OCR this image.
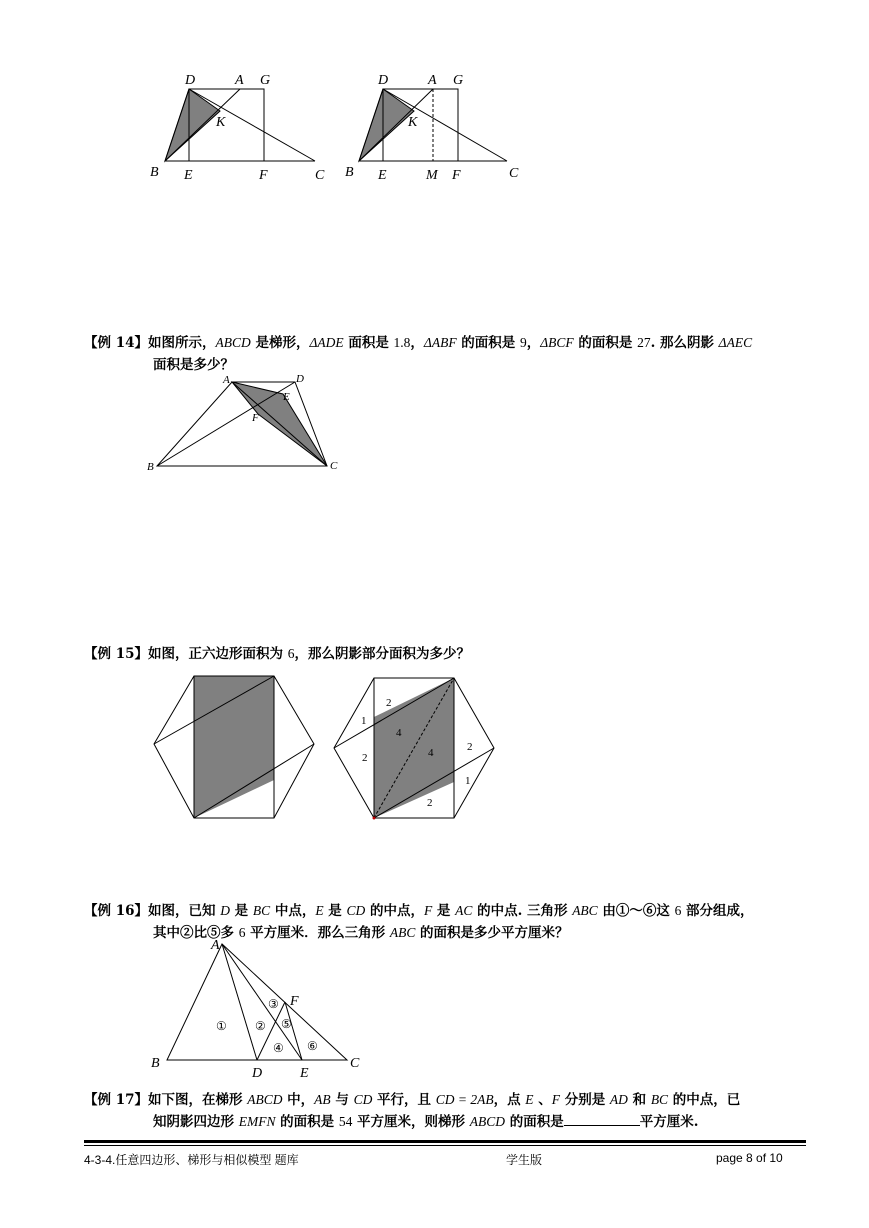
D	A G
K
B E	F	C
D	A G
K
B E	M F	C
【例 14】如图所示，ABCD 是梯形，ΔADE 面积是 1.8，ΔABF 的面积是 9，ΔBCF 的面积是 27. 那么阴影 ΔAEC
面积是多少？
A	D
E
F
B	C
【例 15】如图，正六边形面积为 6，那么阴影部分面积为多少？
2
1
4
4
2
2
1
2
【例 16】如图，已知 D 是 BC 中点，E 是 CD 的中点，F 是 AC 的中点. 三角形 ABC 由①～⑥这 6 部分组成，
其中②比⑤多 6 平方厘米．那么三角形 ABC 的面积是多少平方厘米？
A
B	C
D	E
F
① ②
③
④
⑤
⑥
【例 17】如下图，在梯形 ABCD 中，AB 与 CD 平行，且 CD = 2AB，点 E 、F 分别是 AD 和 BC 的中点，已
知阴影四边形 EMFN 的面积是 54 平方厘米，则梯形 ABCD 的面积是	平方厘米.
4-3-4.任意四边形、梯形与相似模型 题库	学生版	page 8 of 10
